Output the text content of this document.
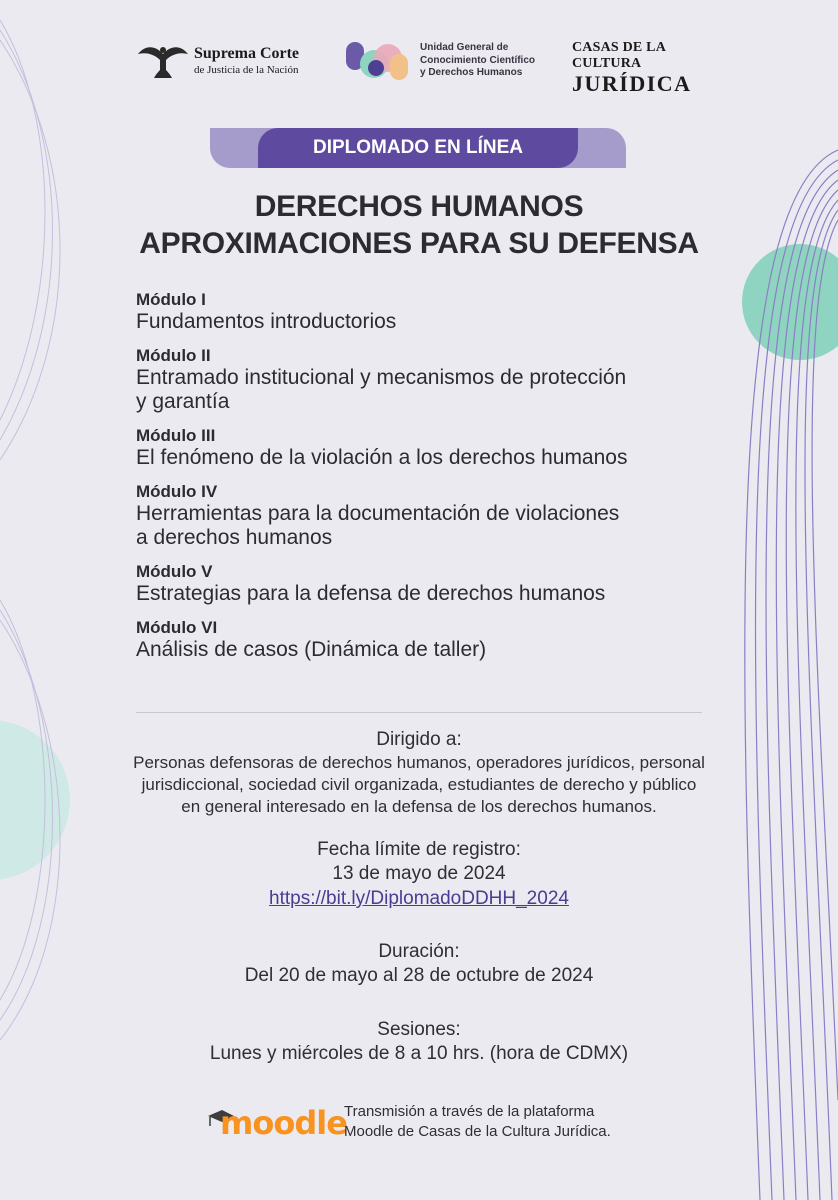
Suprema Corte
de Justicia de la Nación
Unidad General de
Conocimiento Científico
y Derechos Humanos
CASAS DE LA CULTURA
JURÍDICA
DIPLOMADO EN LÍNEA
DERECHOS HUMANOS
APROXIMACIONES PARA SU DEFENSA
Módulo I
Fundamentos introductorios
Módulo II
Entramado institucional y mecanismos de protección
y garantía
Módulo III
El fenómeno de la violación a los derechos humanos
Módulo IV
Herramientas para la documentación de violaciones
a derechos humanos
Módulo V
Estrategias para la defensa de derechos humanos
Módulo VI
Análisis de casos (Dinámica de taller)
Dirigido a:
Personas defensoras de derechos humanos, operadores jurídicos, personal
jurisdiccional, sociedad civil organizada, estudiantes de derecho y público
en general interesado en la defensa de los derechos humanos.
Fecha límite de registro:
13 de mayo de 2024
https://bit.ly/DiplomadoDDHH_2024
Duración:
Del 20 de mayo al 28 de octubre de 2024
Sesiones:
Lunes y miércoles de 8 a 10 hrs. (hora de CDMX)
moodle
Transmisión a través de la plataforma
Moodle de Casas de la Cultura Jurídica.
